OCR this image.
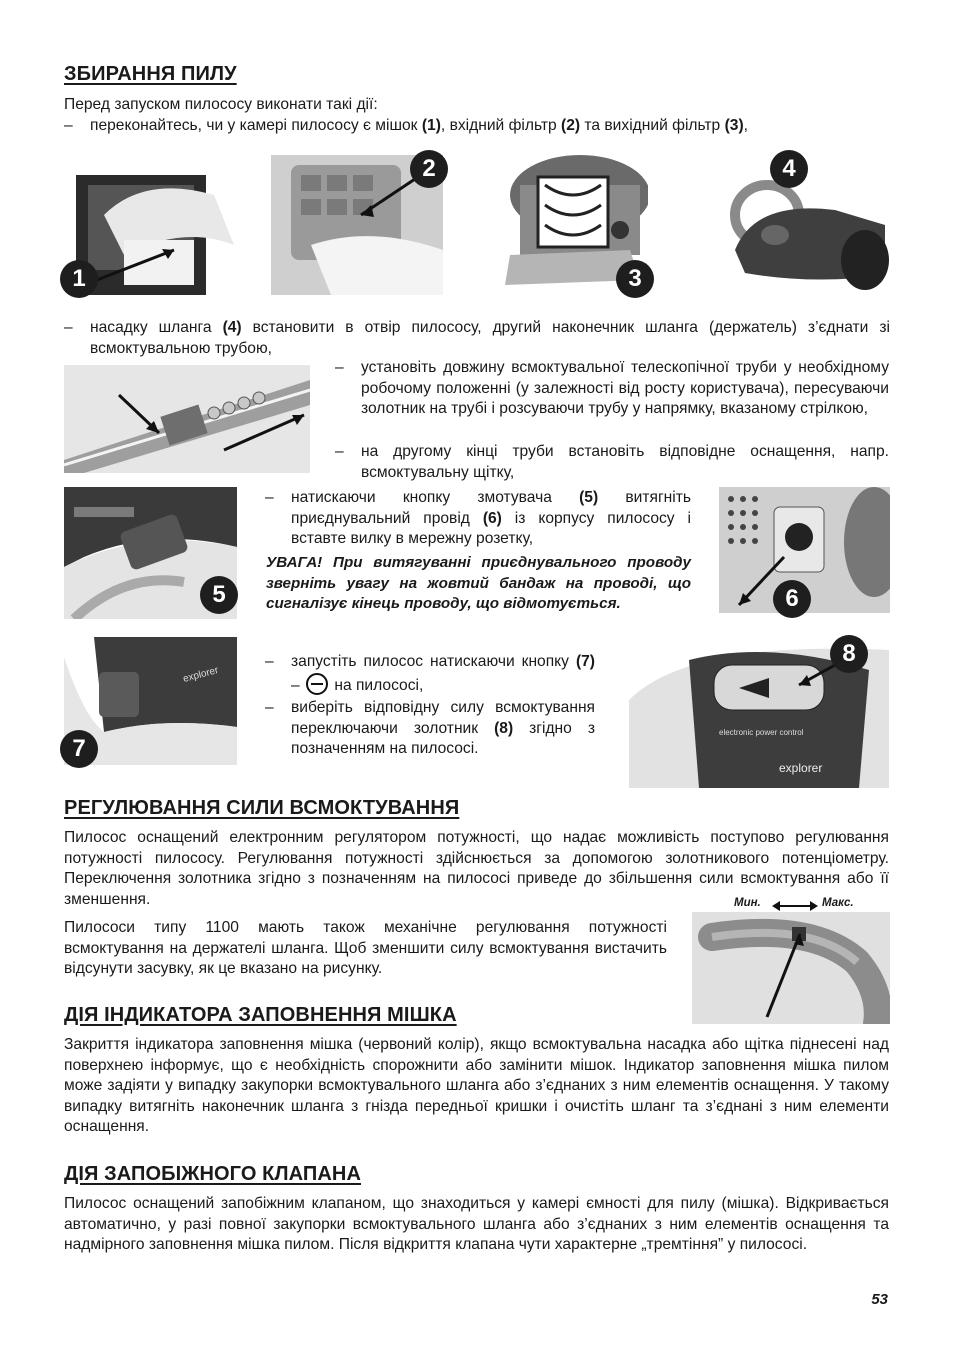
ЗБИРАННЯ ПИЛУ
Перед запуском пилососу виконати такі дії:
– переконайтесь, чи у камері пилососу є мішок (1), вхідний фільтр (2) та вихідний фільтр (3),
1
2
3
4
– насадку шланга (4) встановити в отвір пилососу, другий наконечник шланга (держатель) з’єднати зі всмоктувальною трубою,
– установіть довжину всмоктувальної телескопічної труби у необхідному робочому положенні (у залежності від росту користувача), пересуваючи золотник на трубі і розсуваючи трубу у напрямку, вказаному стрілкою,
– на другому кінці труби встановіть відповідне оснащення, напр. всмоктувальну щітку,
5
– натискаючи кнопку змотувача (5) витягніть приєднувальний провід (6) із корпусу пилососу і вставте вилку в мережну розетку,
УВАГА! При витягуванні приєднувального проводу зверніть увагу на жовтий бандаж на проводі, що сигналізує кінець проводу, що відмотується.	6
explorer
7
– запустіть пилосос натискаючи кнопку (7) –  на пилососі,
– виберіть відповідну силу всмоктування переключаючи золотник (8) згідно з позначенням на пилососі.
electronic power control
explorer
8
РЕГУЛЮВАННЯ СИЛИ ВСМОКТУВАННЯ

Пилосос оснащений електронним регулятором потужності, що надає можливість поступово регулювання потужності пилососу. Регулювання потужності здійснюється за допомогою золотникового потенціометру. Переключення золотника згідно з позначенням на пилососі приведе до збільшення сили всмоктування або її зменшення.

Пилососи типу 1100 мають також механічне регулювання потужності всмоктування на держателі шланга. Щоб зменшити силу всмоктування вистачить відсунути засувку, як це вказано на рисунку.

Мин.	Макс.
ДІЯ ІНДИКАТОРА ЗАПОВНЕННЯ МІШКА

Закриття індикатора заповнення мішка (червоний колір), якщо всмоктувальна насадка або щітка піднесені над поверхнею інформує, що є необхідність спорожнити або замінити мішок. Індикатор заповнення мішка пилом може задіяти у випадку закупорки всмоктувального шланга або з’єднаних з ним елементів оснащення. У такому випадку витягніть наконечник шланга з гнізда передньої кришки і очистіть шланг та з’єднані з ним елементи оснащення.

ДІЯ ЗАПОБІЖНОГО КЛАПАНА

Пилосос оснащений запобіжним клапаном, що знаходиться у камері ємності для пилу (мішка). Відкривається автоматично, у разі повної закупорки всмоктувального шланга або з’єднаних з ним елементів оснащення та надмірного заповнення мішка пилом. Після відкриття клапана чути характерне „тремтіння” у пилососі.

53
